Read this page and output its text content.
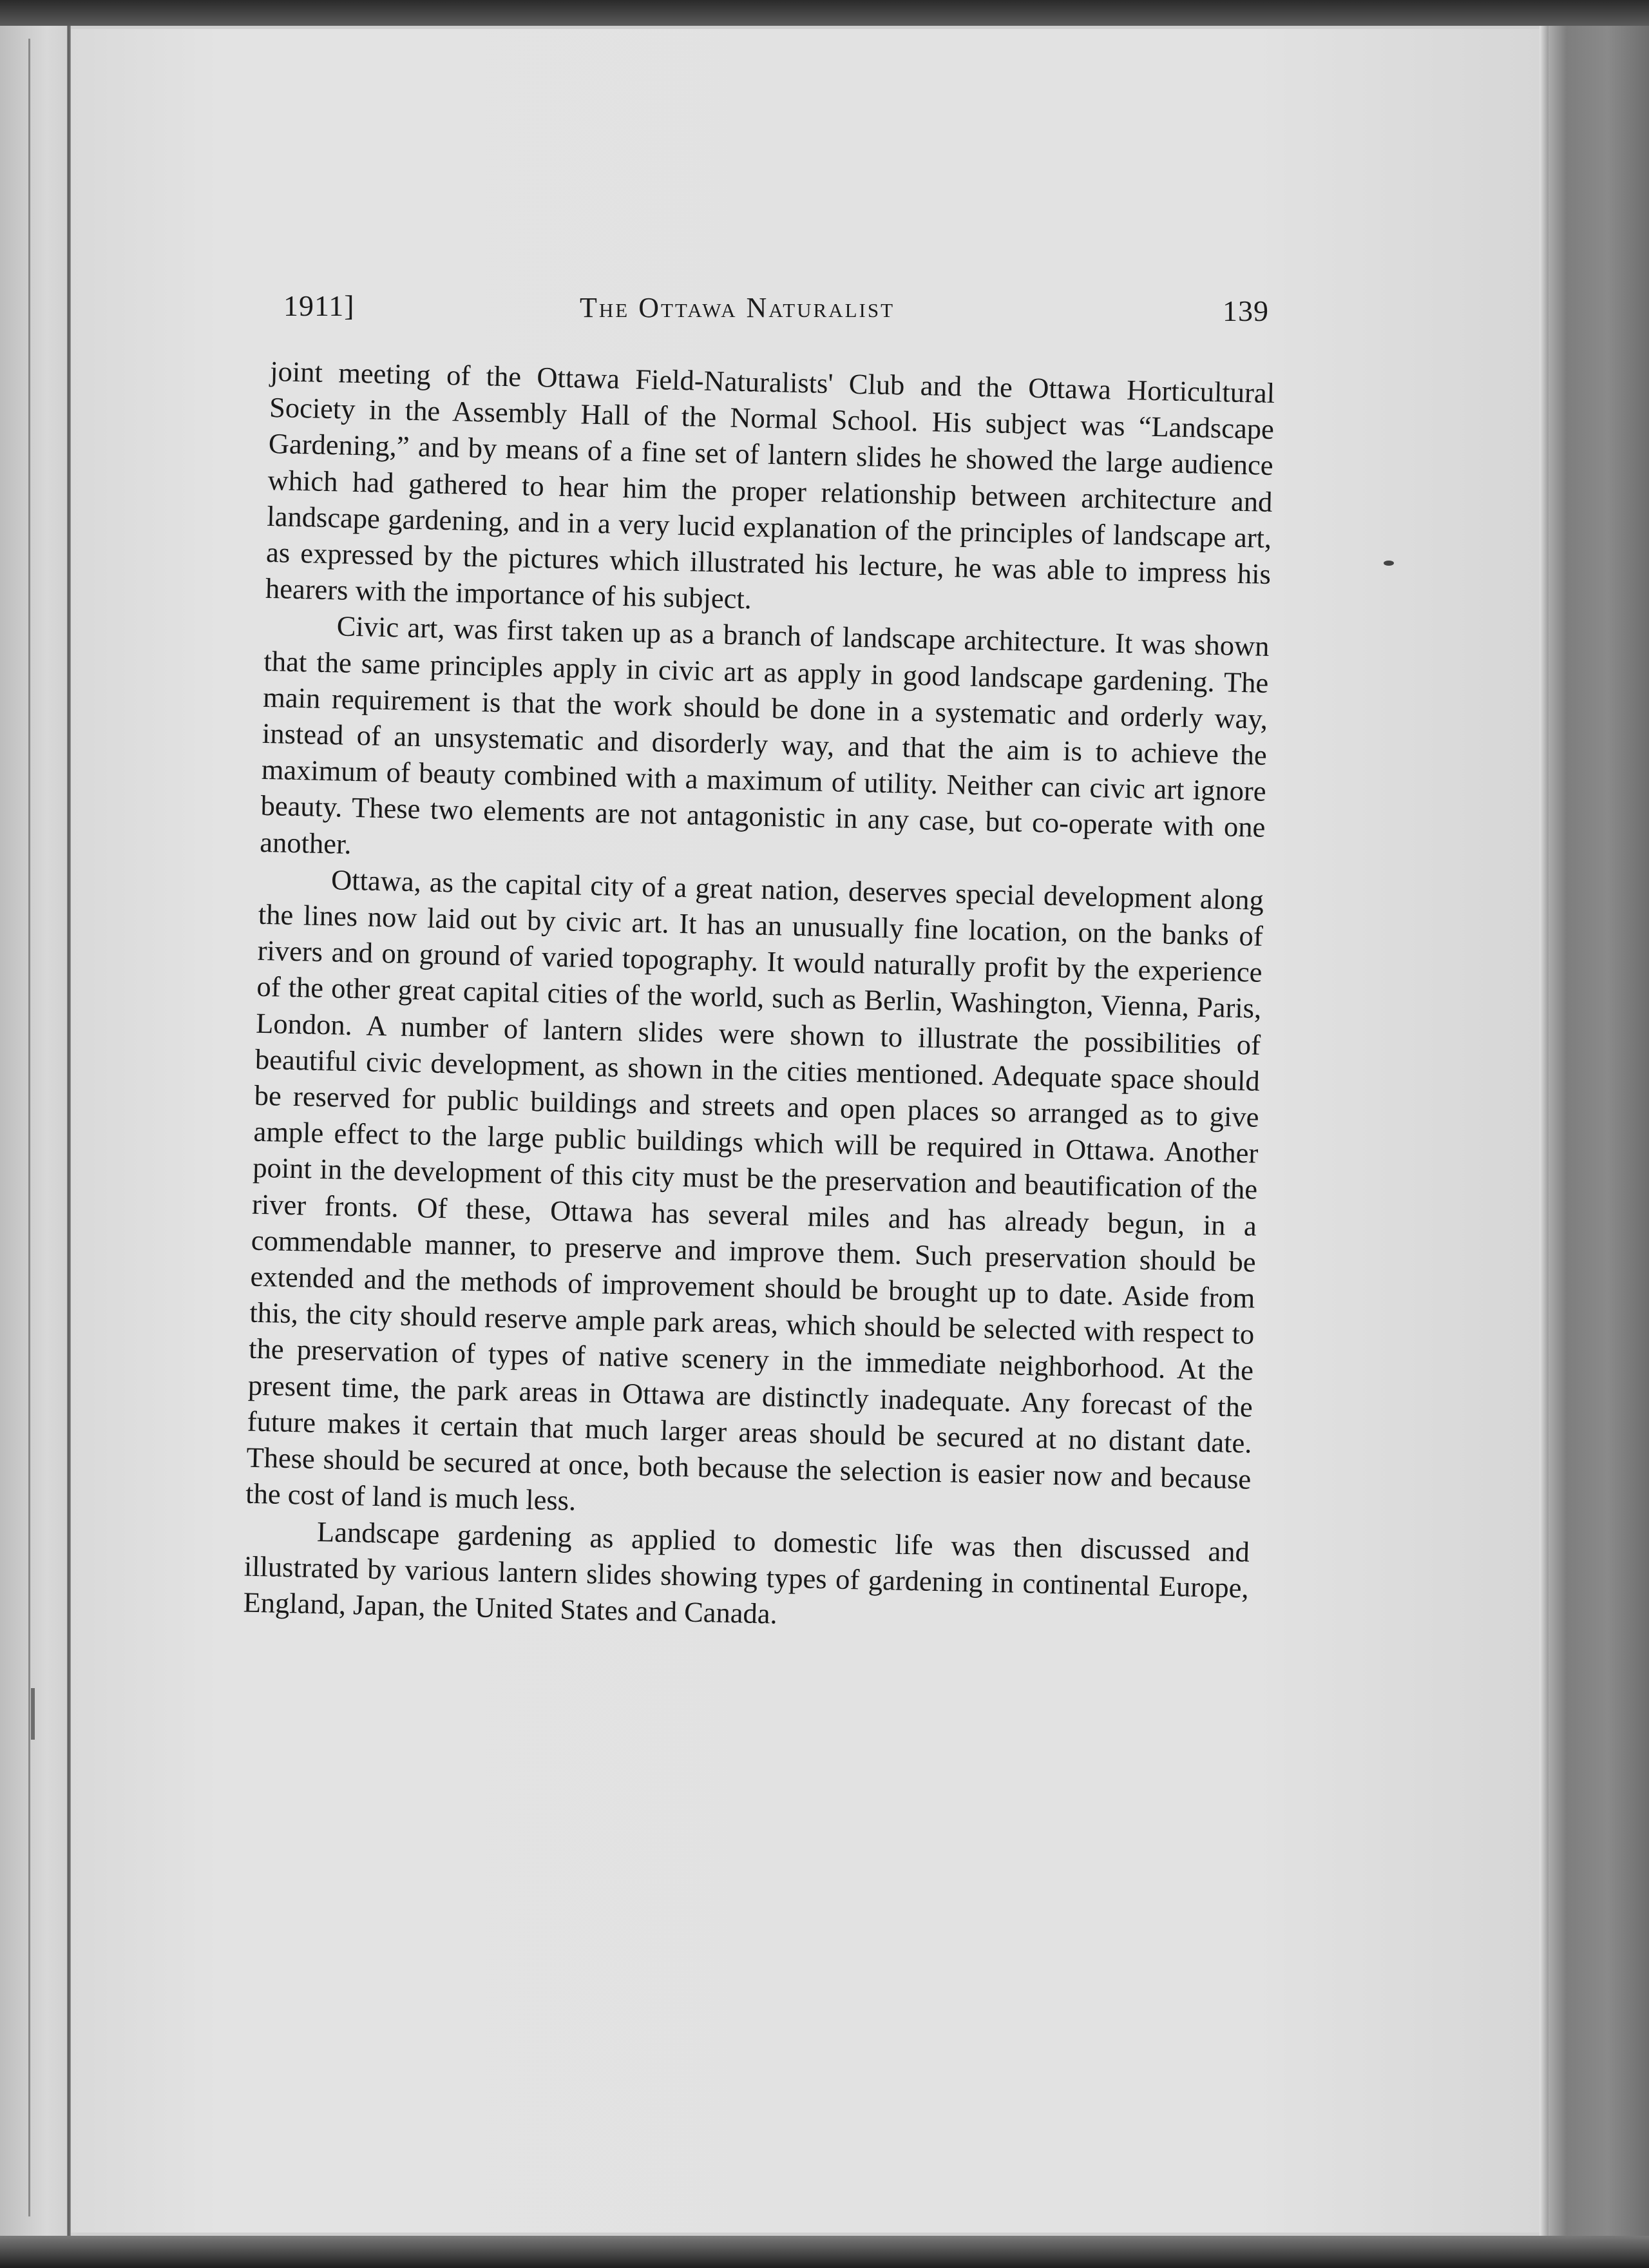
1911]	The Ottawa Naturalist	139

joint meeting of the Ottawa Field-Naturalists' Club and the Ottawa Horticultural Society in the Assembly Hall of the Normal School. His subject was “Landscape Gardening,” and by means of a fine set of lantern slides he showed the large audience which had gathered to hear him the proper relationship between architecture and landscape gardening, and in a very lucid explanation of the principles of landscape art, as expressed by the pictures which illustrated his lecture, he was able to impress his hearers with the importance of his subject.

Civic art, was first taken up as a branch of landscape architecture. It was shown that the same principles apply in civic art as apply in good landscape gardening. The main requirement is that the work should be done in a systematic and orderly way, instead of an unsystematic and disorderly way, and that the aim is to achieve the maximum of beauty combined with a maximum of utility. Neither can civic art ignore beauty. These two elements are not antagonistic in any case, but co-operate with one another.

Ottawa, as the capital city of a great nation, deserves special development along the lines now laid out by civic art. It has an unusually fine location, on the banks of rivers and on ground of varied topography. It would naturally profit by the experience of the other great capital cities of the world, such as Berlin, Washington, Vienna, Paris, London. A number of lantern slides were shown to illustrate the possibilities of beautiful civic development, as shown in the cities mentioned. Adequate space should be reserved for public buildings and streets and open places so arranged as to give ample effect to the large public buildings which will be required in Ottawa. Another point in the development of this city must be the preservation and beautification of the river fronts. Of these, Ottawa has several miles and has already begun, in a commendable manner, to preserve and improve them. Such preservation should be extended and the methods of improvement should be brought up to date. Aside from this, the city should reserve ample park areas, which should be selected with respect to the preservation of types of native scenery in the immediate neighborhood. At the present time, the park areas in Ottawa are distinctly inadequate. Any forecast of the future makes it certain that much larger areas should be secured at no distant date. These should be secured at once, both because the selection is easier now and because the cost of land is much less.

Landscape gardening as applied to domestic life was then discussed and illustrated by various lantern slides showing types of gardening in continental Europe, England, Japan, the United States and Canada.
